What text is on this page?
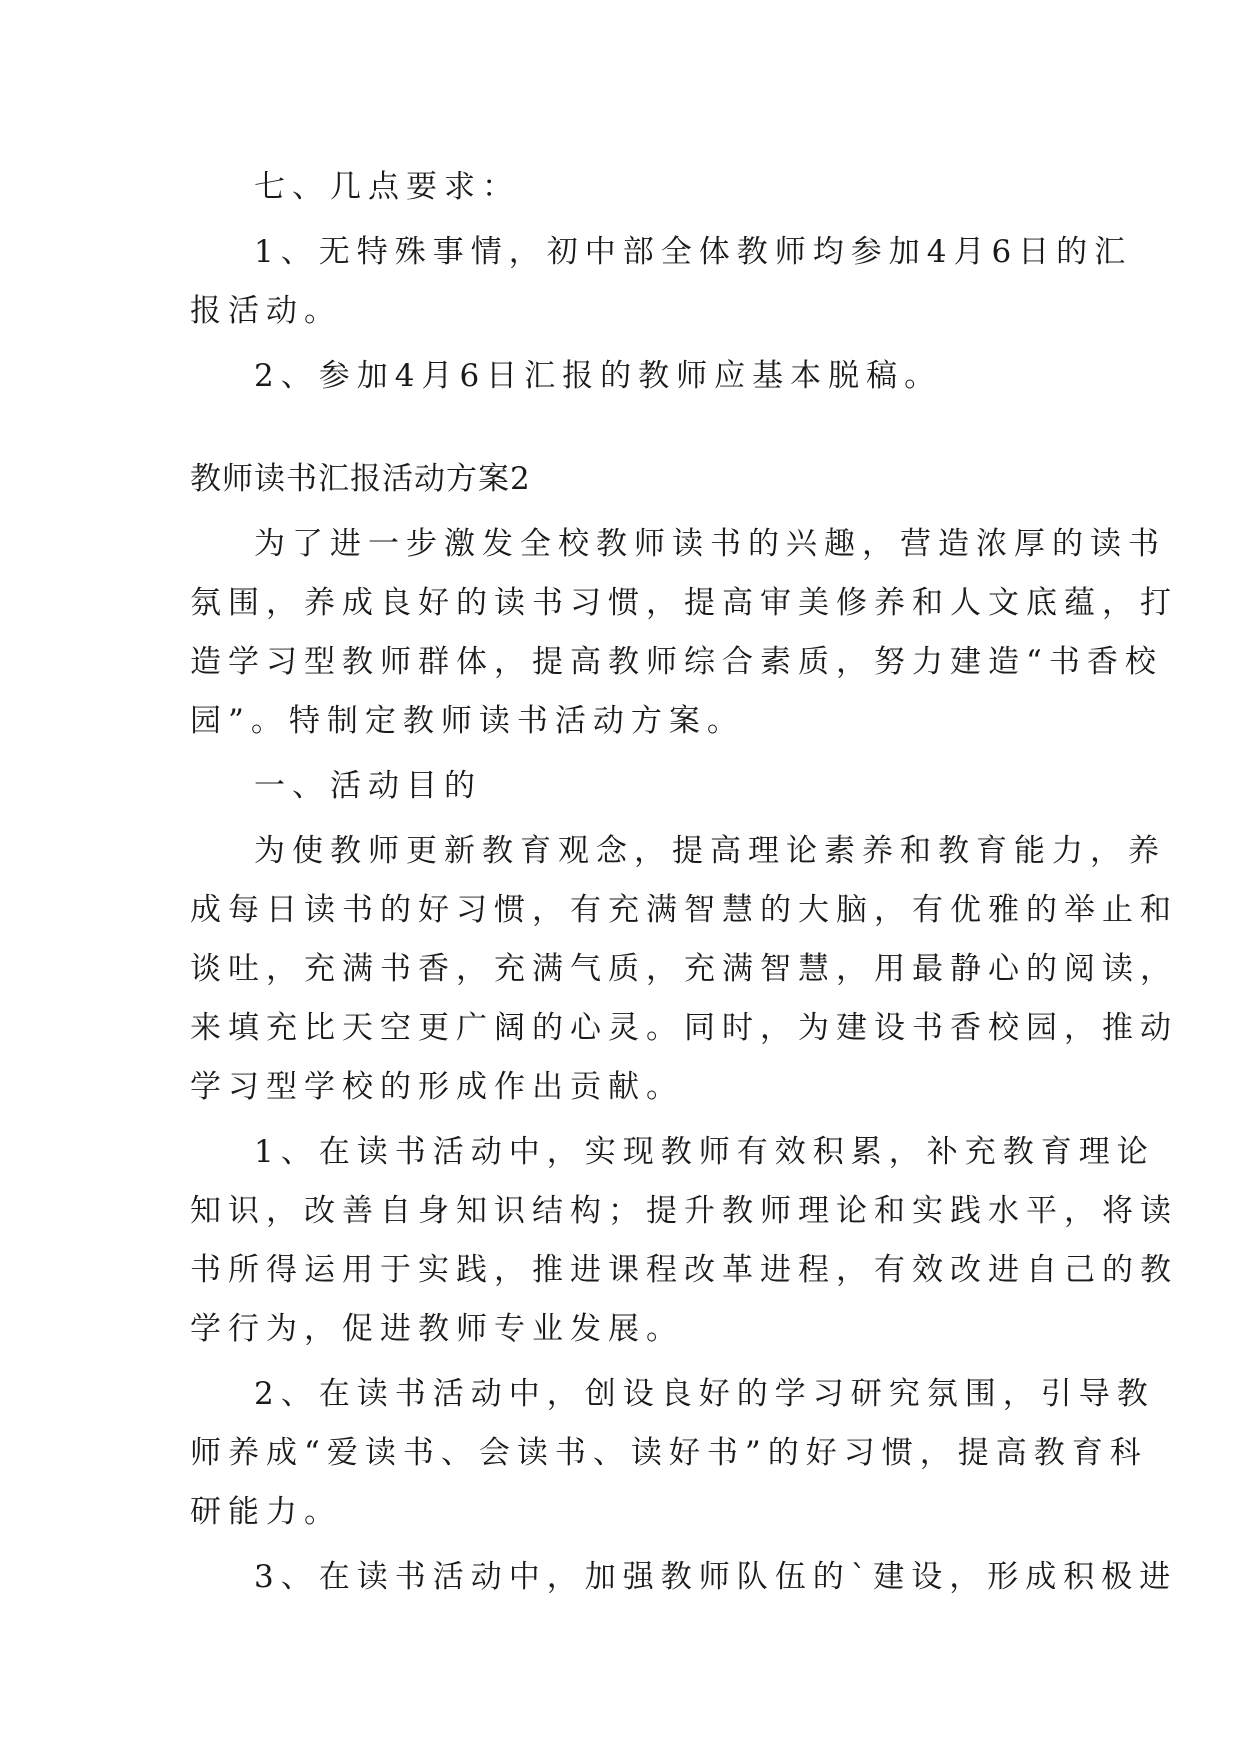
七、几点要求：

1、无特殊事情，初中部全体教师均参加4月6日的汇

报活动。

2、参加4月6日汇报的教师应基本脱稿。

教师读书汇报活动方案2

为了进一步激发全校教师读书的兴趣，营造浓厚的读书

氛围，养成良好的读书习惯，提高审美修养和人文底蕴，打

造学习型教师群体，提高教师综合素质，努力建造“书香校

园”。特制定教师读书活动方案。

一、活动目的

为使教师更新教育观念，提高理论素养和教育能力，养

成每日读书的好习惯，有充满智慧的大脑，有优雅的举止和

谈吐，充满书香，充满气质，充满智慧，用最静心的阅读，

来填充比天空更广阔的心灵。同时，为建设书香校园，推动

学习型学校的形成作出贡献。

1、在读书活动中，实现教师有效积累，补充教育理论

知识，改善自身知识结构；提升教师理论和实践水平，将读

书所得运用于实践，推进课程改革进程，有效改进自己的教

学行为，促进教师专业发展。

2、在读书活动中，创设良好的学习研究氛围，引导教

师养成“爱读书、会读书、读好书”的好习惯，提高教育科

研能力。

3、在读书活动中，加强教师队伍的`建设，形成积极进
